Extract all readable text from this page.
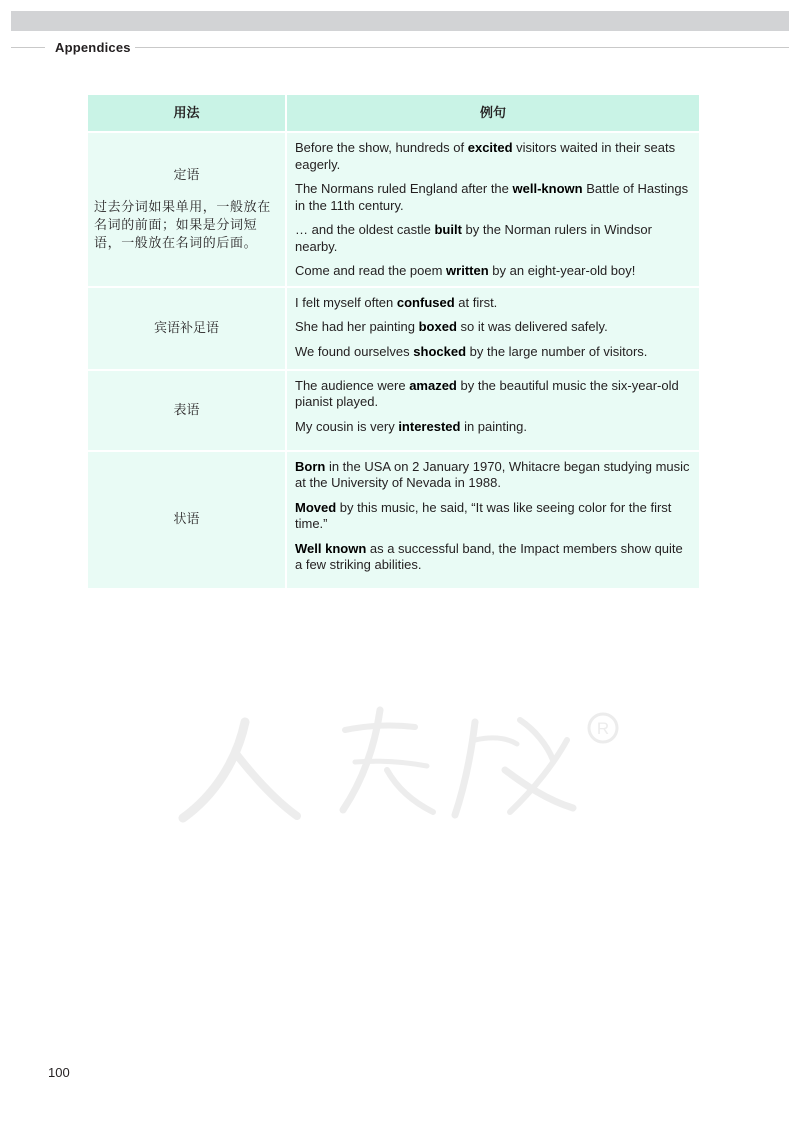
Appendices
用法	例句

定语
过去分词如果单用，一般放在名词的前面；如果是分词短语，一般放在名词的后面。	Before the show, hundreds of excited visitors waited in their seats eagerly.
The Normans ruled England after the well-known Battle of Hastings in the 11th century.
… and the oldest castle built by the Norman rulers in Windsor nearby.
Come and read the poem written by an eight-year-old boy!

宾语补足语	I felt myself often confused at first.
She had her painting boxed so it was delivered safely.
We found ourselves shocked by the large number of visitors.

表语	The audience were amazed by the beautiful music the six-year-old pianist played.
My cousin is very interested in painting.

状语	Born in the USA on 2 January 1970, Whitacre began studying music at the University of Nevada in 1988.
Moved by this music, he said, “It was like seeing color for the first time.”
Well known as a successful band, the Impact members show quite a few striking abilities.
R
100
